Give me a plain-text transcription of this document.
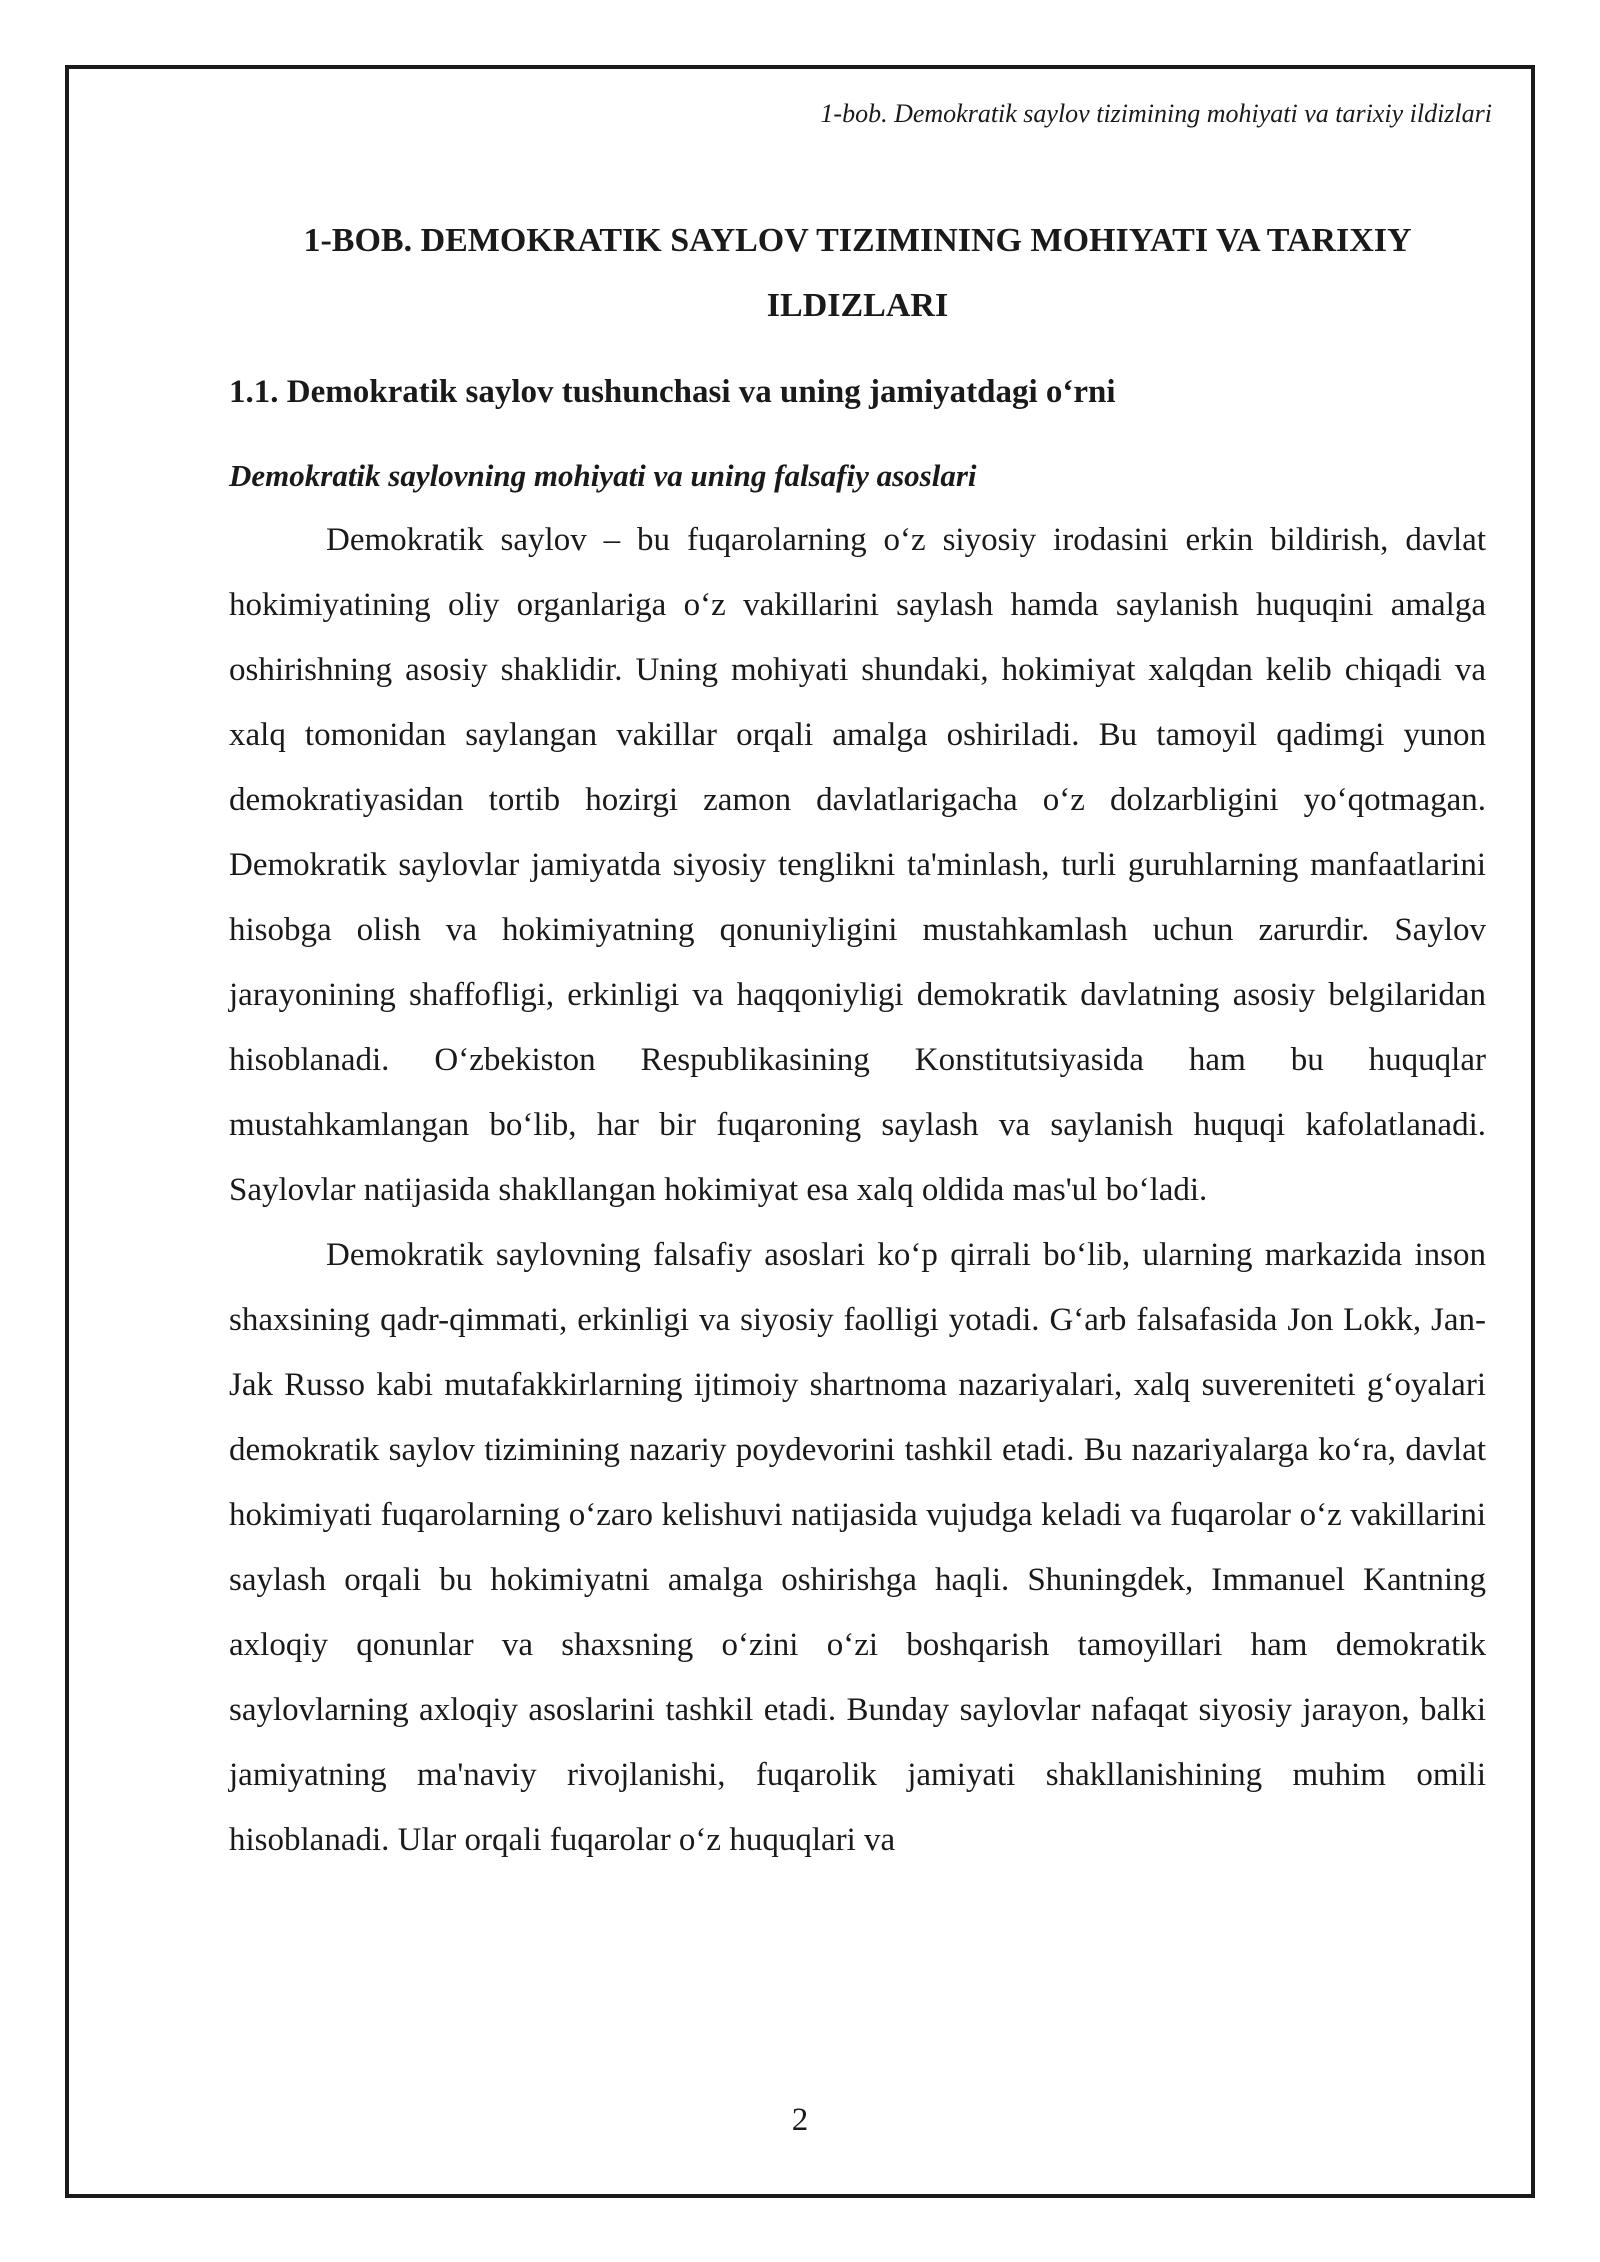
1-bob. Demokratik saylov tizimining mohiyati va tarixiy ildizlari
1-BOB. DEMOKRATIK SAYLOV TIZIMINING MOHIYATI VA TARIXIY ILDIZLARI
1.1. Demokratik saylov tushunchasi va uning jamiyatdagi o‘rni
Demokratik saylovning mohiyati va uning falsafiy asoslari

Demokratik saylov – bu fuqarolarning o‘z siyosiy irodasini erkin bildirish, davlat hokimiyatining oliy organlariga o‘z vakillarini saylash hamda saylanish huquqini amalga oshirishning asosiy shaklidir. Uning mohiyati shundaki, hokimiyat xalqdan kelib chiqadi va xalq tomonidan saylangan vakillar orqali amalga oshiriladi. Bu tamoyil qadimgi yunon demokratiyasidan tortib hozirgi zamon davlatlarigacha o‘z dolzarbligini yo‘qotmagan. Demokratik saylovlar jamiyatda siyosiy tenglikni ta'minlash, turli guruhlarning manfaatlarini hisobga olish va hokimiyatning qonuniyligini mustahkamlash uchun zarurdir. Saylov jarayonining shaffofligi, erkinligi va haqqoniyligi demokratik davlatning asosiy belgilaridan hisoblanadi. O‘zbekiston Respublikasining Konstitutsiyasida ham bu huquqlar mustahkamlangan bo‘lib, har bir fuqaroning saylash va saylanish huquqi kafolatlanadi. Saylovlar natijasida shakllangan hokimiyat esa xalq oldida mas'ul bo‘ladi.

Demokratik saylovning falsafiy asoslari ko‘p qirrali bo‘lib, ularning markazida inson shaxsining qadr-qimmati, erkinligi va siyosiy faolligi yotadi. G‘arb falsafasida Jon Lokk, Jan-Jak Russo kabi mutafakkirlarning ijtimoiy shartnoma nazariyalari, xalq suvereniteti g‘oyalari demokratik saylov tizimining nazariy poydevorini tashkil etadi. Bu nazariyalarga ko‘ra, davlat hokimiyati fuqarolarning o‘zaro kelishuvi natijasida vujudga keladi va fuqarolar o‘z vakillarini saylash orqali bu hokimiyatni amalga oshirishga haqli. Shuningdek, Immanuel Kantning axloqiy qonunlar va shaxsning o‘zini o‘zi boshqarish tamoyillari ham demokratik saylovlarning axloqiy asoslarini tashkil etadi. Bunday saylovlar nafaqat siyosiy jarayon, balki jamiyatning ma'naviy rivojlanishi, fuqarolik jamiyati shakllanishining muhim omili hisoblanadi. Ular orqali fuqarolar o‘z huquqlari va

2
